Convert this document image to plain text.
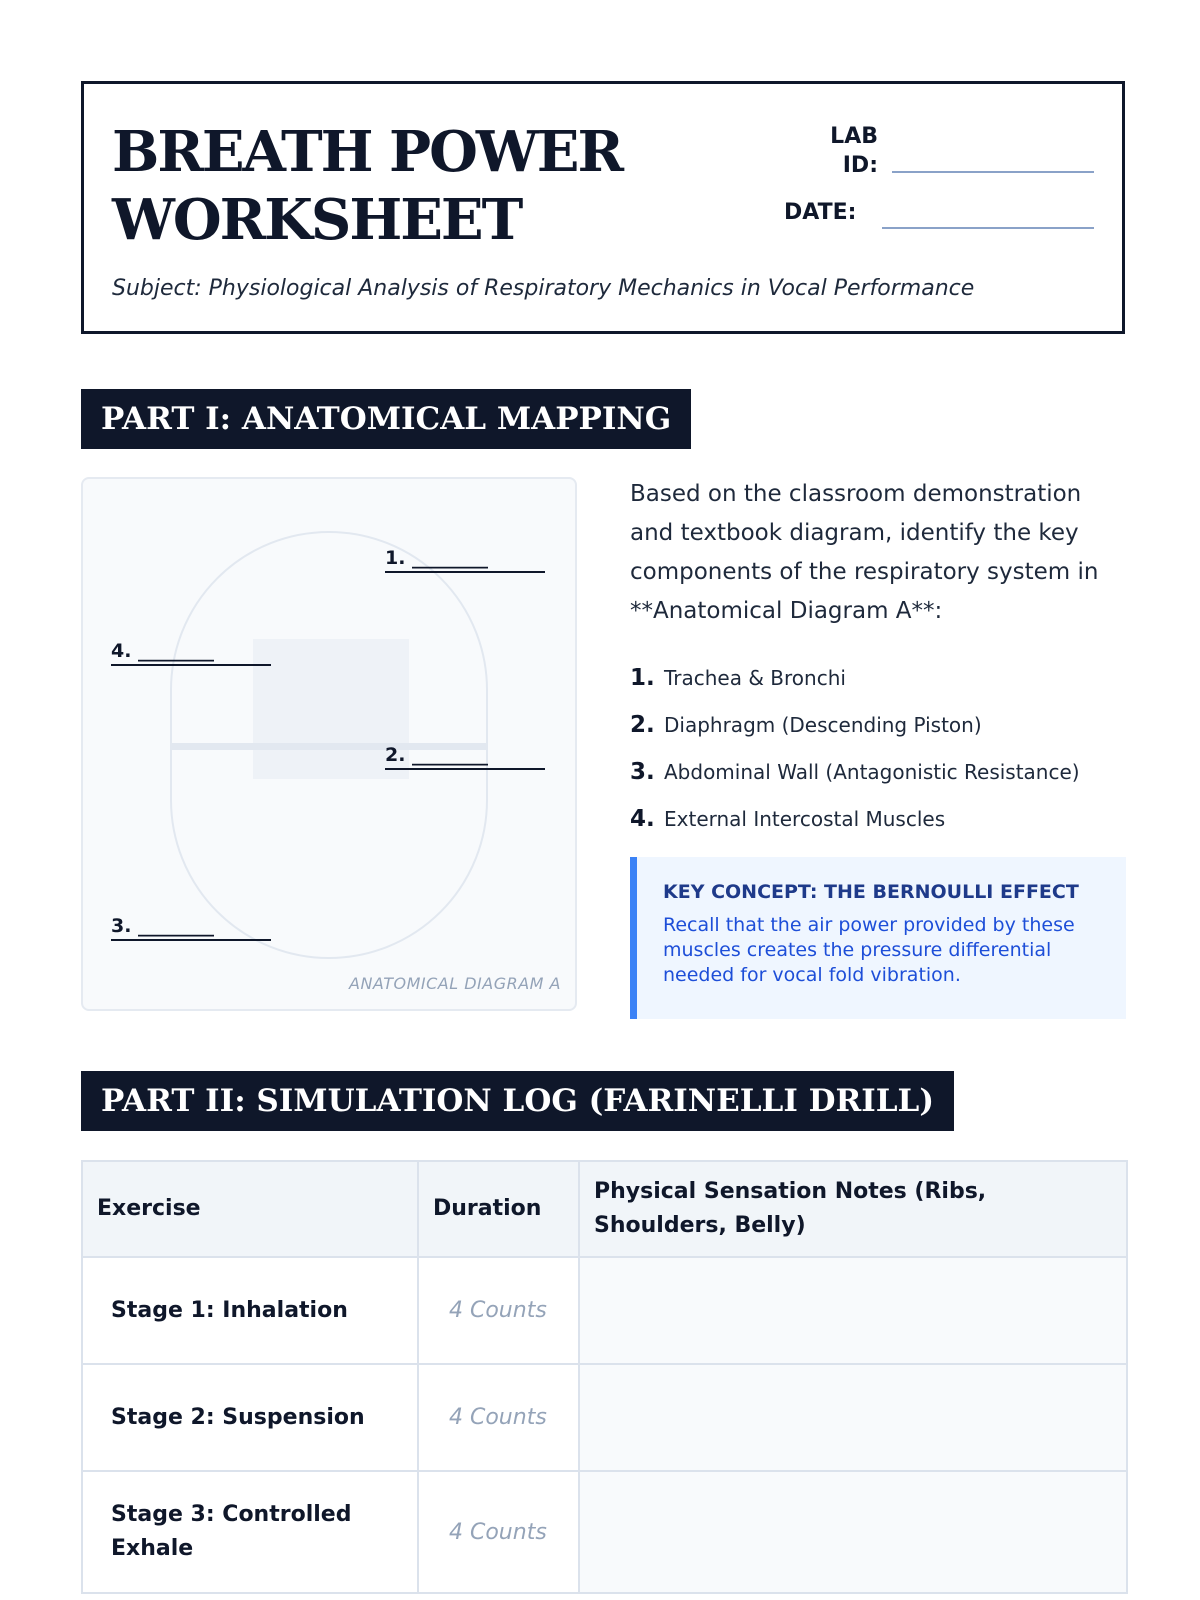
BREATH POWER
WORKSHEET
LAB
ID:
DATE:
Subject: Physiological Analysis of Respiratory Mechanics in Vocal Performance
PART I: ANATOMICAL MAPPING
1. ________
2. ________
3. ________
4. ________
ANATOMICAL DIAGRAM A
Based on the classroom demonstration and textbook diagram, identify the key components of the respiratory system in **Anatomical Diagram A**:
1. Trachea & Bronchi
2. Diaphragm (Descending Piston)
3. Abdominal Wall (Antagonistic Resistance)
4. External Intercostal Muscles
KEY CONCEPT: THE BERNOULLI EFFECT
Recall that the air power provided by these muscles creates the pressure differential needed for vocal fold vibration.
PART II: SIMULATION LOG (FARINELLI DRILL)
Exercise	Duration	Physical Sensation Notes (Ribs, Shoulders, Belly)
Stage 1: Inhalation	4 Counts	
Stage 2: Suspension	4 Counts	
Stage 3: Controlled Exhale	4 Counts	
